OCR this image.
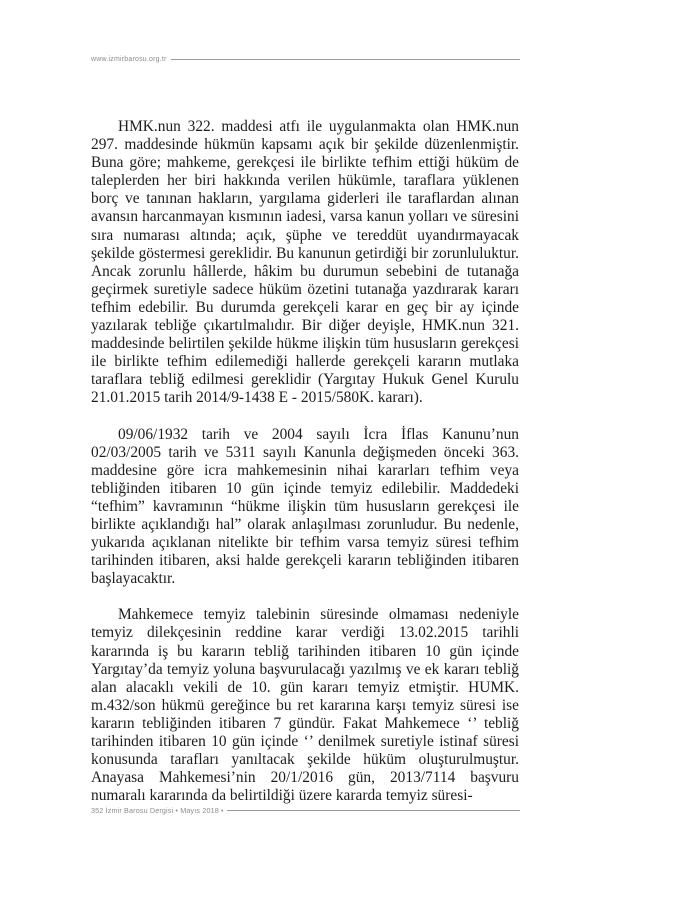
www.izmirbarosu.org.tr

HMK.nun 322. maddesi atfı ile uygulanmakta olan HMK.nun 297. maddesinde hükmün kapsamı açık bir şekilde düzenlenmiştir. Buna göre; mahkeme, gerekçesi ile birlikte tefhim ettiği hüküm de taleplerden her biri hakkında verilen hükümle, taraflara yüklenen borç ve tanınan hakların, yargılama giderleri ile taraflardan alınan avansın harcanmayan kısmının iadesi, varsa kanun yolları ve süresini sıra numarası altında; açık, şüphe ve tereddüt uyandırmayacak şekilde göstermesi gereklidir. Bu kanunun getirdiği bir zorunluluktur. Ancak zorunlu hâllerde, hâkim bu durumun sebebini de tutanağa geçirmek suretiyle sadece hüküm özetini tutanağa yazdırarak kararı tefhim edebilir. Bu durumda gerekçeli karar en geç bir ay içinde yazılarak tebliğe çıkartılmalıdır. Bir diğer deyişle, HMK.nun 321. maddesinde belirtilen şekilde hükme ilişkin tüm hususların gerekçesi ile birlikte tefhim edilemediği hallerde gerekçeli kararın mutlaka taraflara tebliğ edilmesi gereklidir (Yargıtay Hukuk Genel Kurulu 21.01.2015 tarih 2014/9-1438 E - 2015/580K. kararı).

09/06/1932 tarih ve 2004 sayılı İcra İflas Kanunu’nun 02/03/2005 tarih ve 5311 sayılı Kanunla değişmeden önceki 363. maddesine göre icra mahkemesinin nihai kararları tefhim veya tebliğinden itibaren 10 gün içinde temyiz edilebilir. Maddedeki “tefhim” kavramının “hükme ilişkin tüm hususların gerekçesi ile birlikte açıklandığı hal” olarak anlaşılması zorunludur. Bu nedenle, yukarıda açıklanan nitelikte bir tefhim varsa temyiz süresi tefhim tarihinden itibaren, aksi halde gerekçeli kararın tebliğinden itibaren başlayacaktır.

Mahkemece temyiz talebinin süresinde olmaması nedeniyle temyiz dilekçesinin reddine karar verdiği 13.02.2015 tarihli kararında iş bu kararın tebliğ tarihinden itibaren 10 gün içinde Yargıtay’da temyiz yoluna başvurulacağı yazılmış ve ek kararı tebliğ alan alacaklı vekili de 10. gün kararı temyiz etmiştir. HUMK. m.432/son hükmü gereğince bu ret kararına karşı temyiz süresi ise kararın tebliğinden itibaren 7 gündür. Fakat Mahkemece ‘’ tebliğ tarihinden itibaren 10 gün içinde ‘’ denilmek suretiyle istinaf süresi konusunda tarafları yanıltacak şekilde hüküm oluşturulmuştur. Anayasa Mahkemesi’nin 20/1/2016 gün, 2013/7114 başvuru numaralı kararında da belirtildiği üzere kararda temyiz süresi-

352 İzmir Barosu Dergisi • Mayıs 2018 •
